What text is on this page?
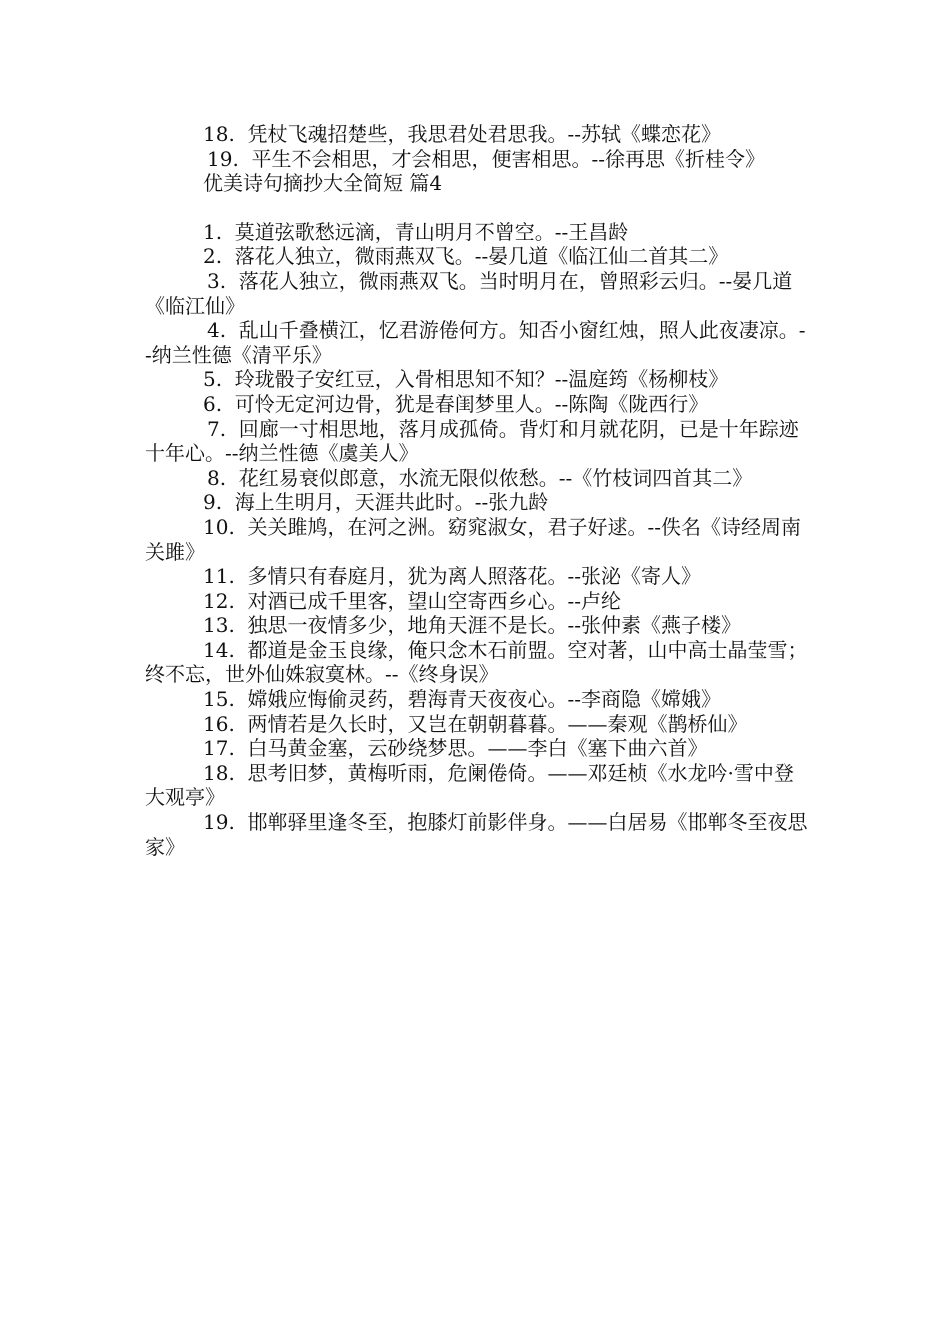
18.  凭杖飞魂招楚些，我思君处君思我。--苏轼《蝶恋花》

19.  平生不会相思，才会相思，便害相思。--徐再思《折桂令》

优美诗句摘抄大全简短 篇4

1.  莫道弦歌愁远滴，青山明月不曾空。--王昌龄

2.  落花人独立，微雨燕双飞。--晏几道《临江仙二首其二》

3.  落花人独立，微雨燕双飞。当时明月在，曾照彩云归。--晏几道《临江仙》

4.  乱山千叠横江，忆君游倦何方。知否小窗红烛，照人此夜凄凉。--纳兰性德《清平乐》

5.  玲珑骰子安红豆，入骨相思知不知？--温庭筠《杨柳枝》

6.  可怜无定河边骨，犹是春闺梦里人。--陈陶《陇西行》

7.  回廊一寸相思地，落月成孤倚。背灯和月就花阴，已是十年踪迹十年心。--纳兰性德《虞美人》

8.  花红易衰似郎意，水流无限似侬愁。--《竹枝词四首其二》

9.  海上生明月，天涯共此时。--张九龄

10.  关关雎鸠，在河之洲。窈窕淑女，君子好逑。--佚名《诗经周南关雎》

11.  多情只有春庭月，犹为离人照落花。--张泌《寄人》

12.  对酒已成千里客，望山空寄西乡心。--卢纶

13.  独思一夜情多少，地角天涯不是长。--张仲素《燕子楼》

14.  都道是金玉良缘，俺只念木石前盟。空对著，山中高士晶莹雪；终不忘，世外仙姝寂寞林。--《终身误》

15.  嫦娥应悔偷灵药，碧海青天夜夜心。--李商隐《嫦娥》

16.  两情若是久长时，又岂在朝朝暮暮。——秦观《鹊桥仙》

17.  白马黄金塞，云砂绕梦思。——李白《塞下曲六首》

18.  思考旧梦，黄梅听雨，危阑倦倚。——邓廷桢《水龙吟·雪中登大观亭》

19.  邯郸驿里逢冬至，抱膝灯前影伴身。——白居易《邯郸冬至夜思家》
